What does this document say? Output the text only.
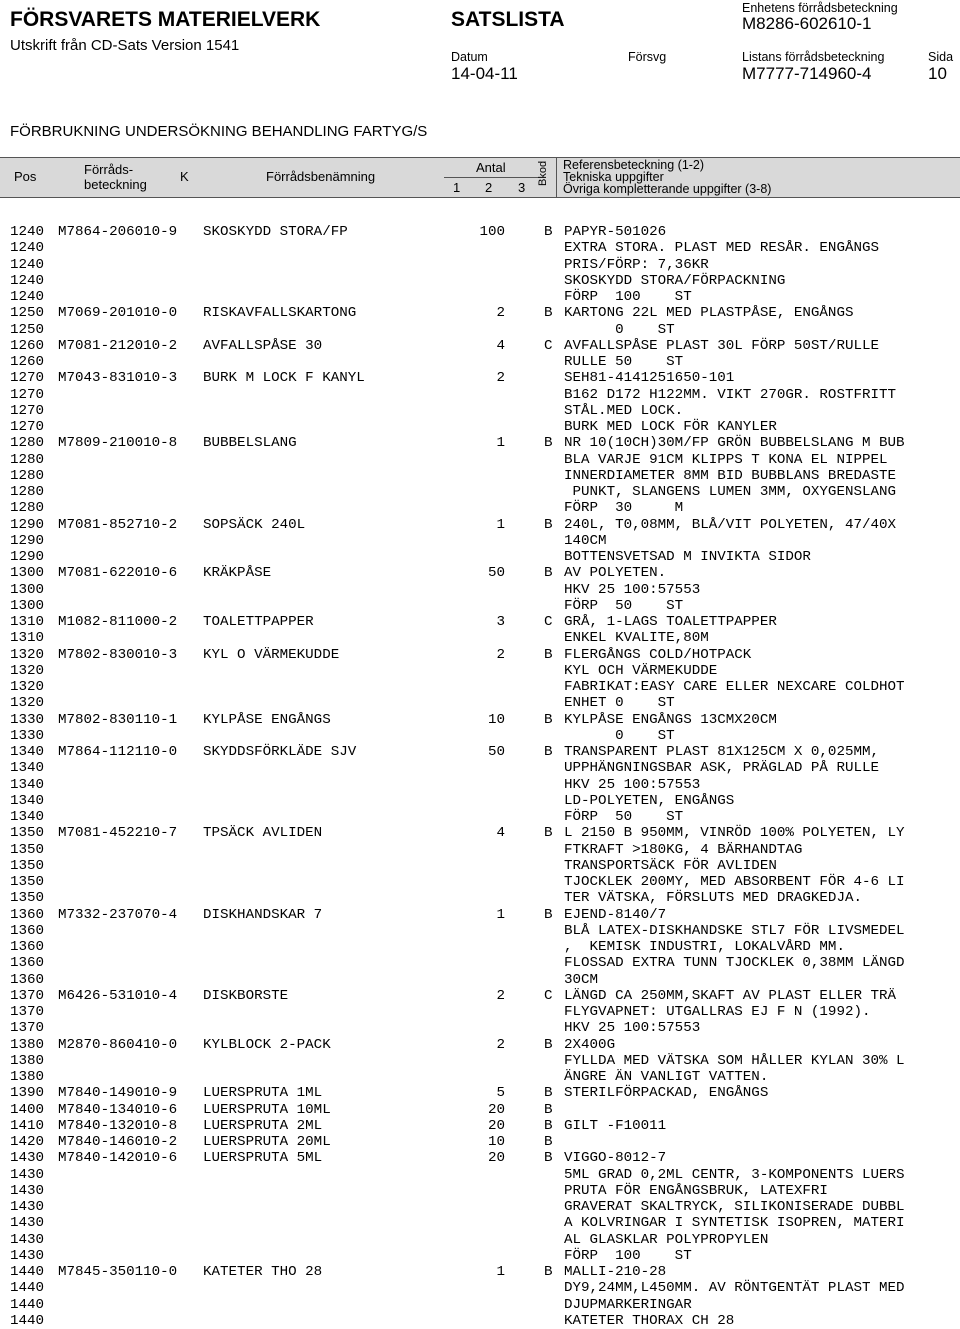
FÖRSVARETS MATERIELVERK
Utskrift från CD-Sats Version 1541
SATSLISTA	Enhetens förrådsbeteckning
M8286-602610-1
Datum
14-04-11
Försvg	Listans förrådsbeteckning
M7777-714960-4
Sida
10
FÖRBRUKNING UNDERSÖKNING BEHANDLING FARTYG/S
Pos	Förråds-
beteckning
K	Förrådsbenämning
Antal
1 2 3
Bkod Referensbeteckning (1-2)
Tekniska uppgifter
Övriga kompletterande uppgifter (3-8)
1240 M7864-206010-9 SKOSKYDD STORA/FP	100	B PAPYR-501026
1240	EXTRA STORA. PLAST MED RESÅR. ENGÅNGS
1240	PRIS/FÖRP: 7,36KR
1240	SKOSKYDD STORA/FÖRPACKNING
1240	FÖRP  100    ST
1250 M7069-201010-0 RISKAVFALLSKARTONG	2	B KARTONG 22L MED PLASTPÅSE, ENGÅNGS
1250	0    ST
1260 M7081-212010-2 AVFALLSPÅSE 30	4	C AVFALLSPÅSE PLAST 30L FÖRP 50ST/RULLE
1260	RULLE 50    ST
1270 M7043-831010-3 BURK M LOCK F KANYL	2	SEH81-4141251650-101
1270	B162 D172 H122MM. VIKT 270GR. ROSTFRITT
1270	STÅL.MED LOCK.
1270	BURK MED LOCK FÖR KANYLER
1280 M7809-210010-8 BUBBELSLANG	1	B NR 10(10CH)30M/FP GRÖN BUBBELSLANG M BUB
1280	BLA VARJE 91CM KLIPPS T KONA EL NIPPEL
1280	INNERDIAMETER 8MM BID BUBBLANS BREDASTE
1280	PUNKT, SLANGENS LUMEN 3MM, OXYGENSLANG
1280	FÖRP  30     M
1290 M7081-852710-2 SOPSÄCK 240L	1	B 240L, T0,08MM, BLÅ/VIT POLYETEN, 47/40X
1290	140CM
1290	BOTTENSVETSAD M INVIKTA SIDOR
1300 M7081-622010-6 KRÄKPÅSE	50	B AV POLYETEN.
1300	HKV 25 100:57553
1300	FÖRP  50    ST
1310 M1082-811000-2 TOALETTPAPPER	3	C GRÅ, 1-LAGS TOALETTPAPPER
1310	ENKEL KVALITE,80M
1320 M7802-830010-3 KYL O VÄRMEKUDDE	2	B FLERGÅNGS COLD/HOTPACK
1320	KYL OCH VÄRMEKUDDE
1320	FABRIKAT:EASY CARE ELLER NEXCARE COLDHOT
1320	ENHET 0    ST
1330 M7802-830110-1 KYLPÅSE ENGÅNGS	10	B KYLPÅSE ENGÅNGS 13CMX20CM
1330	0    ST
1340 M7864-112110-0 SKYDDSFÖRKLÄDE SJV	50	B TRANSPARENT PLAST 81X125CM X 0,025MM,
1340	UPPHÄNGNINGSBAR ASK, PRÄGLAD PÅ RULLE
1340	HKV 25 100:57553
1340	LD-POLYETEN, ENGÅNGS
1340	FÖRP  50    ST
1350 M7081-452210-7 TPSÄCK AVLIDEN	4	B L 2150 B 950MM, VINRÖD 100% POLYETEN, LY
1350	FTKRAFT >180KG, 4 BÄRHANDTAG
1350	TRANSPORTSÄCK FÖR AVLIDEN
1350	TJOCKLEK 200MY, MED ABSORBENT FÖR 4-6 LI
1350	TER VÄTSKA, FÖRSLUTS MED DRAGKEDJA.
1360 M7332-237070-4 DISKHANDSKAR 7	1	B EJEND-8140/7
1360	BLÅ LATEX-DISKHANDSKE STL7 FÖR LIVSMEDEL
1360	,  KEMISK INDUSTRI, LOKALVÅRD MM.
1360	FLOSSAD EXTRA TUNN TJOCKLEK 0,38MM LÄNGD
1360	30CM
1370 M6426-531010-4 DISKBORSTE	2	C LÄNGD CA 250MM,SKAFT AV PLAST ELLER TRÄ
1370	FLYGVAPNET: UTGALLRAS EJ F N (1992).
1370	HKV 25 100:57553
1380 M2870-860410-0 KYLBLOCK 2-PACK	2	B 2X400G
1380	FYLLDA MED VÄTSKA SOM HÅLLER KYLAN 30% L
1380	ÄNGRE ÄN VANLIGT VATTEN.
1390 M7840-149010-9 LUERSPRUTA 1ML	5	B STERILFÖRPACKAD, ENGÅNGS
1400 M7840-134010-6 LUERSPRUTA 10ML	20	B
1410 M7840-132010-8 LUERSPRUTA 2ML	20	B GILT -F10011
1420 M7840-146010-2 LUERSPRUTA 20ML	10	B
1430 M7840-142010-6 LUERSPRUTA 5ML	20	B VIGGO-8012-7
1430	5ML GRAD 0,2ML CENTR, 3-KOMPONENTS LUERS
1430	PRUTA FÖR ENGÅNGSBRUK, LATEXFRI
1430	GRAVERAT SKALTRYCK, SILIKONISERADE DUBBL
1430	A KOLVRINGAR I SYNTETISK ISOPREN, MATERI
1430	AL GLASKLAR POLYPROPYLEN
1430	FÖRP  100    ST
1440 M7845-350110-0 KATETER THO 28	1	B MALLI-210-28
1440	DY9,24MM,L450MM. AV RÖNTGENTÄT PLAST MED
1440	DJUPMARKERINGAR
1440	KATETER THORAX CH 28
